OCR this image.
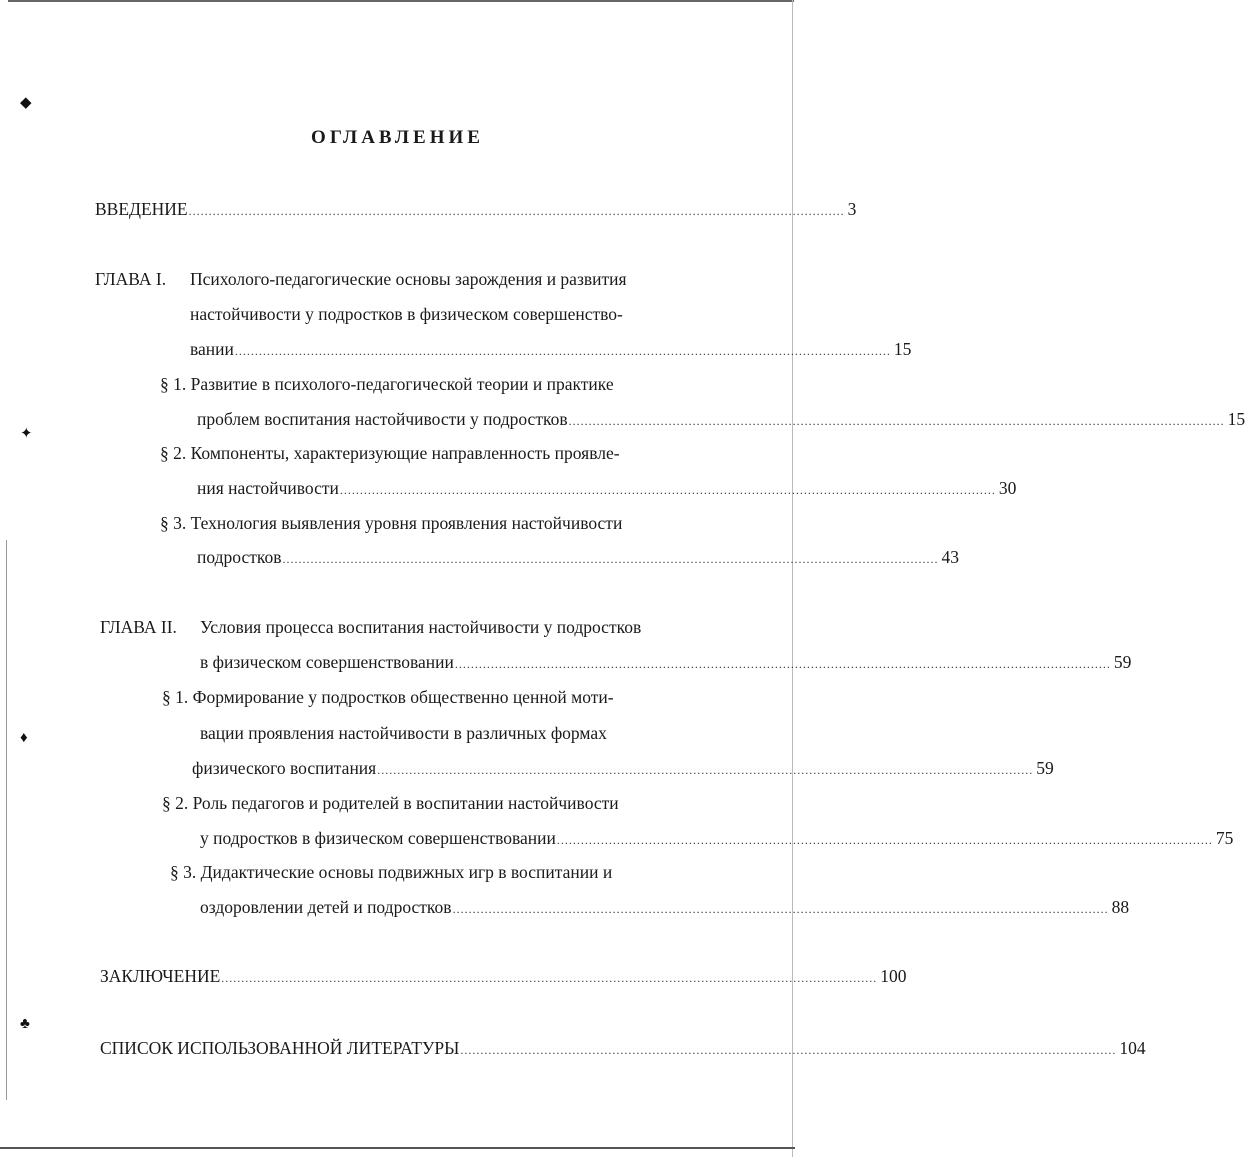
◆
✦
♦
♣
ОГЛАВЛЕНИЕ
ВВЕДЕНИЕ .................................................................................................................................................................... 3
ГЛАВА I. Психолого-педагогические основы зарождения и развития
настойчивости у подростков в физическом совершенство-
вании .................................................................................................................................................................... 15
§ 1. Развитие в психолого-педагогической теории и практике
проблем воспитания настойчивости у подростков .................................................................................................................................................................... 15
§ 2. Компоненты, характеризующие направленность проявле-
ния настойчивости .................................................................................................................................................................... 30
§ 3. Технология выявления уровня проявления настойчивости
подростков .................................................................................................................................................................... 43
ГЛАВА II. Условия процесса воспитания настойчивости у подростков
в физическом совершенствовании .................................................................................................................................................................... 59
§ 1. Формирование у подростков общественно ценной моти-
вации проявления настойчивости в различных формах
физического воспитания .................................................................................................................................................................... 59
§ 2. Роль педагогов и родителей в воспитании настойчивости
у подростков в физическом совершенствовании .................................................................................................................................................................... 75
§ 3. Дидактические основы подвижных игр в воспитании и
оздоровлении детей и подростков .................................................................................................................................................................... 88
ЗАКЛЮЧЕНИЕ .................................................................................................................................................................... 100
СПИСОК ИСПОЛЬЗОВАННОЙ ЛИТЕРАТУРЫ .................................................................................................................................................................... 104
